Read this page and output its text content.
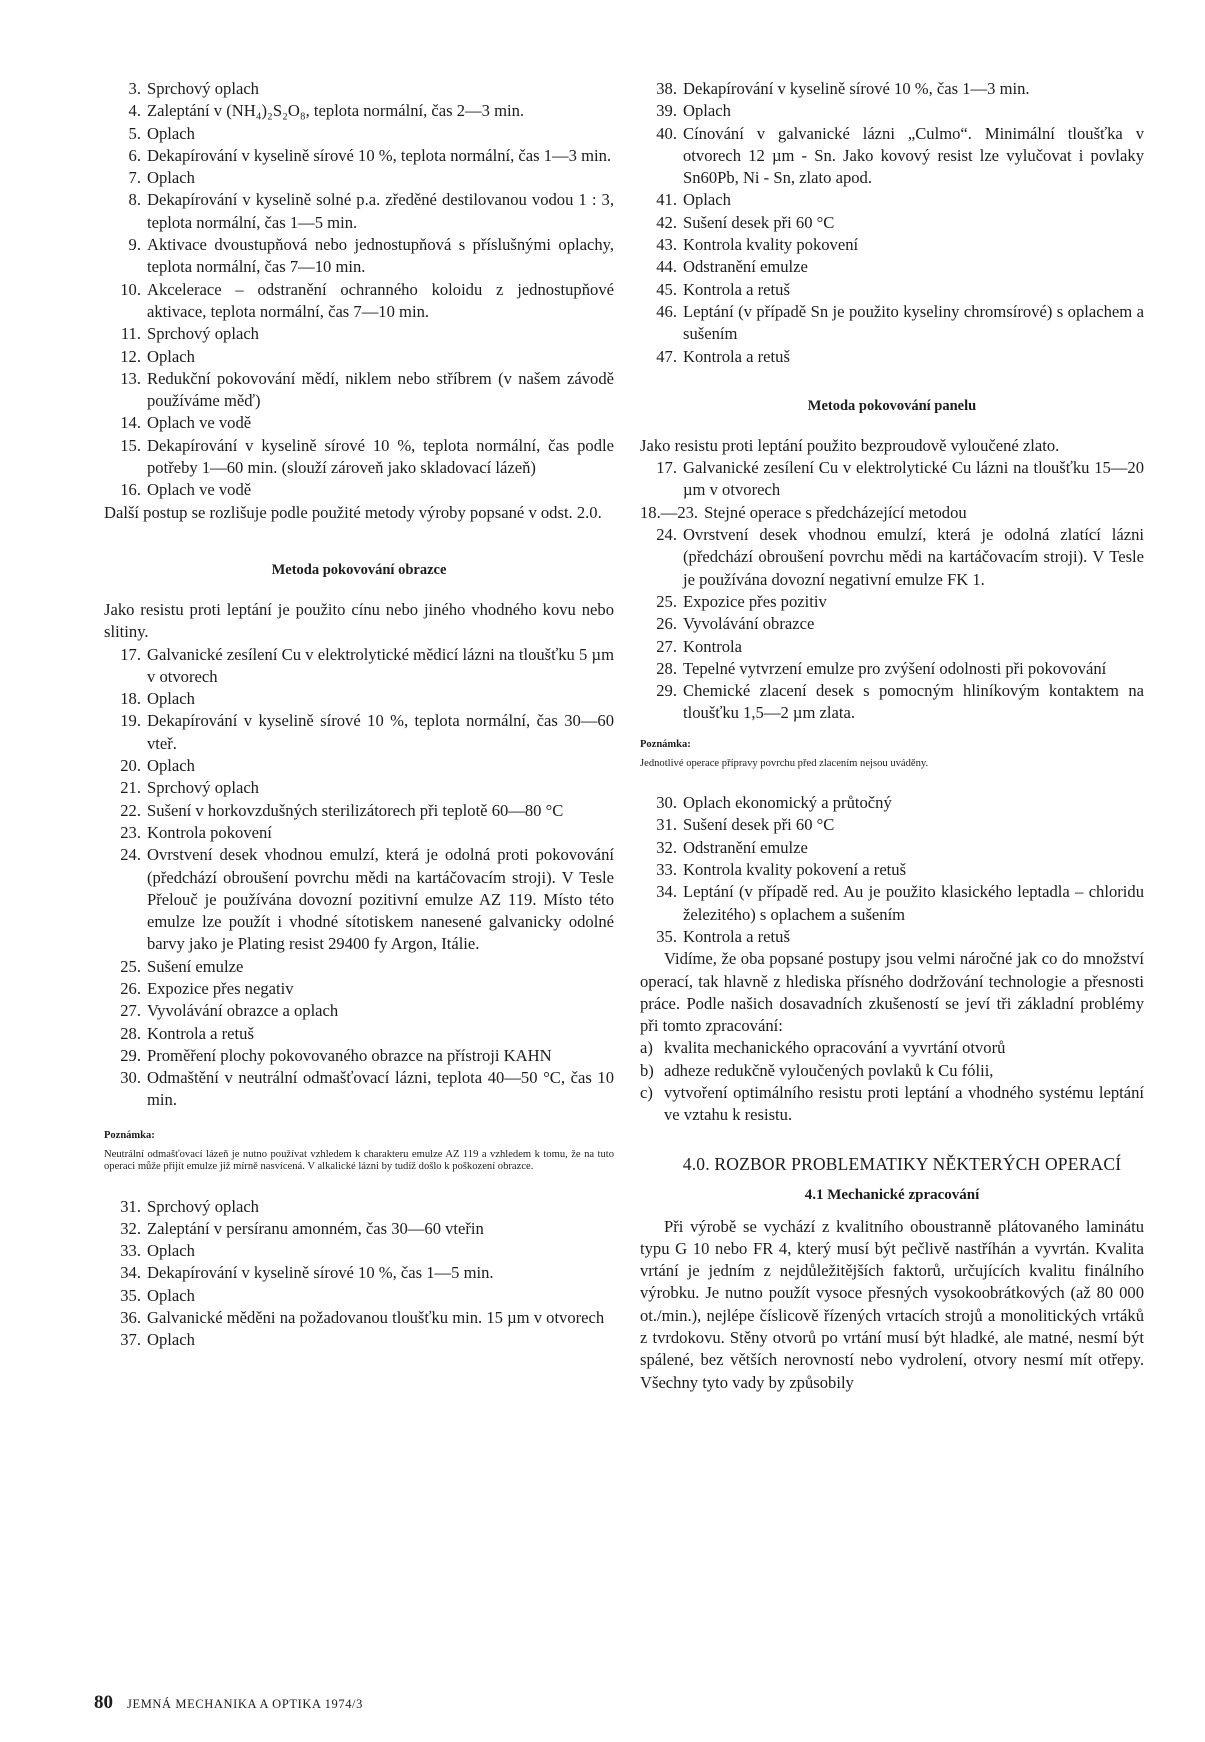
3. Sprchový oplach
4. Zaleptání v (NH₄)₂S₂O₈, teplota normální, čas 2—3 min.
5. Oplach
6. Dekapírování v kyselině sírové 10 %, teplota normální, čas 1—3 min.
7. Oplach
8. Dekapírování v kyselině solné p.a. zředěné destilovanou vodou 1 : 3, teplota normální, čas 1—5 min.
9. Aktivace dvoustupňová nebo jednostupňová s příslušnými oplachy, teplota normální, čas 7—10 min.
10. Akcelerace – odstranění ochranného koloidu z jednostupňové aktivace, teplota normální, čas 7—10 min.
11. Sprchový oplach
12. Oplach
13. Redukční pokovování mědí, niklem nebo stříbrem (v našem závodě používáme měď)
14. Oplach ve vodě
15. Dekapírování v kyselině sírové 10 %, teplota normální, čas podle potřeby 1—60 min. (slouží zároveň jako skladovací lázeň)
16. Oplach ve vodě

Další postup se rozlišuje podle použité metody výroby popsané v odst. 2.0.

Metoda pokovování obrazce

Jako resistu proti leptání je použito cínu nebo jiného vhodného kovu nebo slitiny.

17. Galvanické zesílení Cu v elektrolytické mědicí lázni na tloušťku 5 µm v otvorech
18. Oplach
19. Dekapírování v kyselině sírové 10 %, teplota normální, čas 30—60 vteř.
20. Oplach
21. Sprchový oplach
22. Sušení v horkovzdušných sterilizátorech při teplotě 60—80 °C
23. Kontrola pokovení
24. Ovrstvení desek vhodnou emulzí, která je odolná proti pokovování (předchází obroušení povrchu mědi na kartáčovacím stroji). V Tesle Přelouč je používána dovozní pozitivní emulze AZ 119. Místo této emulze lze použít i vhodné sítotiskem nanesené galvanicky odolné barvy jako je Plating resist 29400 fy Argon, Itálie.
25. Sušení emulze
26. Expozice přes negativ
27. Vyvolávání obrazce a oplach
28. Kontrola a retuš
29. Proměření plochy pokovovaného obrazce na přístroji KAHN
30. Odmaštění v neutrální odmašťovací lázni, teplota 40—50 °C, čas 10 min.
Poznámka:

Neutrální odmašťovací lázeň je nutno používat vzhledem k charakteru emulze AZ 119 a vzhledem k tomu, že na tuto operaci může přijít emulze již mírně nasvícená. V alkalické lázni by tudíž došlo k poškození obrazce.

31. Sprchový oplach
32. Zaleptání v persíranu amonném, čas 30—60 vteřin
33. Oplach
34. Dekapírování v kyselině sírové 10 %, čas 1—5 min.
35. Oplach
36. Galvanické měděni na požadovanou tloušťku min. 15 µm v otvorech
37. Oplach
38. Dekapírování v kyselině sírové 10 %, čas 1—3 min.
39. Oplach
40. Cínování v galvanické lázni „Culmo“. Minimální tloušťka v otvorech 12 µm - Sn. Jako kovový resist lze vylučovat i povlaky Sn60Pb, Ni - Sn, zlato apod.
41. Oplach
42. Sušení desek při 60 °C
43. Kontrola kvality pokovení
44. Odstranění emulze
45. Kontrola a retuš
46. Leptání (v případě Sn je použito kyseliny chromsírové) s oplachem a sušením
47. Kontrola a retuš
Metoda pokovování panelu

Jako resistu proti leptání použito bezproudově vyloučené zlato.

17. Galvanické zesílení Cu v elektrolytické Cu lázni na tloušťku 15—20 µm v otvorech
18.—23. Stejné operace s předcházející metodou
24. Ovrstvení desek vhodnou emulzí, která je odolná zlatící lázni (předchází obroušení povrchu mědi na kartáčovacím stroji). V Tesle je používána dovozní negativní emulze FK 1.
25. Expozice přes pozitiv
26. Vyvolávání obrazce
27. Kontrola
28. Tepelné vytvrzení emulze pro zvýšení odolnosti při pokovování
29. Chemické zlacení desek s pomocným hliníkovým kontaktem na tloušťku 1,5—2 µm zlata.
Poznámka:

Jednotlivé operace přípravy povrchu před zlacením nejsou uváděny.

30. Oplach ekonomický a průtočný
31. Sušení desek při 60 °C
32. Odstranění emulze
33. Kontrola kvality pokovení a retuš
34. Leptání (v případě red. Au je použito klasického leptadla – chloridu železitého) s oplachem a sušením
35. Kontrola a retuš

Vidíme, že oba popsané postupy jsou velmi náročné jak co do množství operací, tak hlavně z hlediska přísného dodržování technologie a přesnosti práce. Podle našich dosavadních zkušeností se jeví tři základní problémy při tomto zpracování:

a) kvalita mechanického opracování a vyvrtání otvorů
b) adheze redukčně vyloučených povlaků k Cu fólii,
c) vytvoření optimálního resistu proti leptání a vhodného systému leptání ve vztahu k resistu.
4.0. ROZBOR PROBLEMATIKY NĚKTERÝCH OPERACÍ
4.1 Mechanické zpracování

Při výrobě se vychází z kvalitního oboustranně plátovaného laminátu typu G 10 nebo FR 4, který musí být pečlivě nastříhán a vyvrtán. Kvalita vrtání je jedním z nejdůležitějších faktorů, určujících kvalitu finálního výrobku. Je nutno použít vysoce přesných vysokoobrátkových (až 80 000 ot./min.), nejlépe číslicově řízených vrtacích strojů a monolitických vrtáků z tvrdokovu. Stěny otvorů po vrtání musí být hladké, ale matné, nesmí být spálené, bez větších nerovností nebo vydrolení, otvory nesmí mít otřepy. Všechny tyto vady by způsobily

80 JEMNÁ MECHANIKA A OPTIKA 1974/3
